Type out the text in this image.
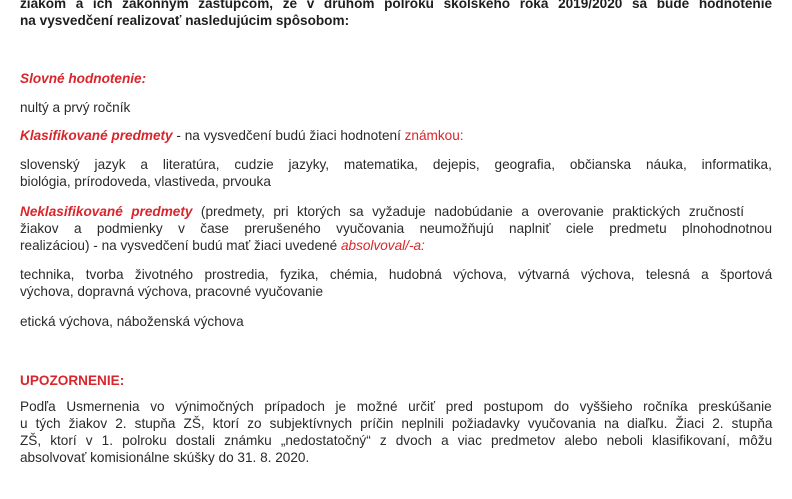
žiakom a ich zákonným zástupcom, že v druhom polroku školského roka 2019/2020 sa bude hodnotenie
na vysvedčení realizovať nasledujúcim spôsobom:
Slovné hodnotenie:
nultý a prvý ročník
Klasifikované predmety - na vysvedčení budú žiaci hodnotení známkou:
slovenský jazyk a literatúra, cudzie jazyky, matematika, dejepis, geografia, občianska náuka, informatika,
biológia, prírodoveda, vlastiveda, prvouka
Neklasifikované predmety (predmety, pri ktorých sa vyžaduje nadobúdanie a overovanie praktických zručností
žiakov a podmienky v čase prerušeného vyučovania neumožňujú naplniť ciele predmetu plnohodnotnou
realizáciou) - na vysvedčení budú mať žiaci uvedené absolvoval/-a:
technika, tvorba životného prostredia, fyzika, chémia, hudobná výchova, výtvarná výchova, telesná a športová
výchova, dopravná výchova, pracovné vyučovanie
etická výchova, náboženská výchova
UPOZORNENIE:
Podľa Usmernenia vo výnimočných prípadoch je možné určiť pred postupom do vyššieho ročníka preskúšanie
u tých žiakov 2. stupňa ZŠ, ktorí zo subjektívnych príčin neplnili požiadavky vyučovania na diaľku. Žiaci 2. stupňa
ZŠ, ktorí v 1. polroku dostali známku „nedostatočný“ z dvoch a viac predmetov alebo neboli klasifikovaní, môžu
absolvovať komisionálne skúšky do 31. 8. 2020.
